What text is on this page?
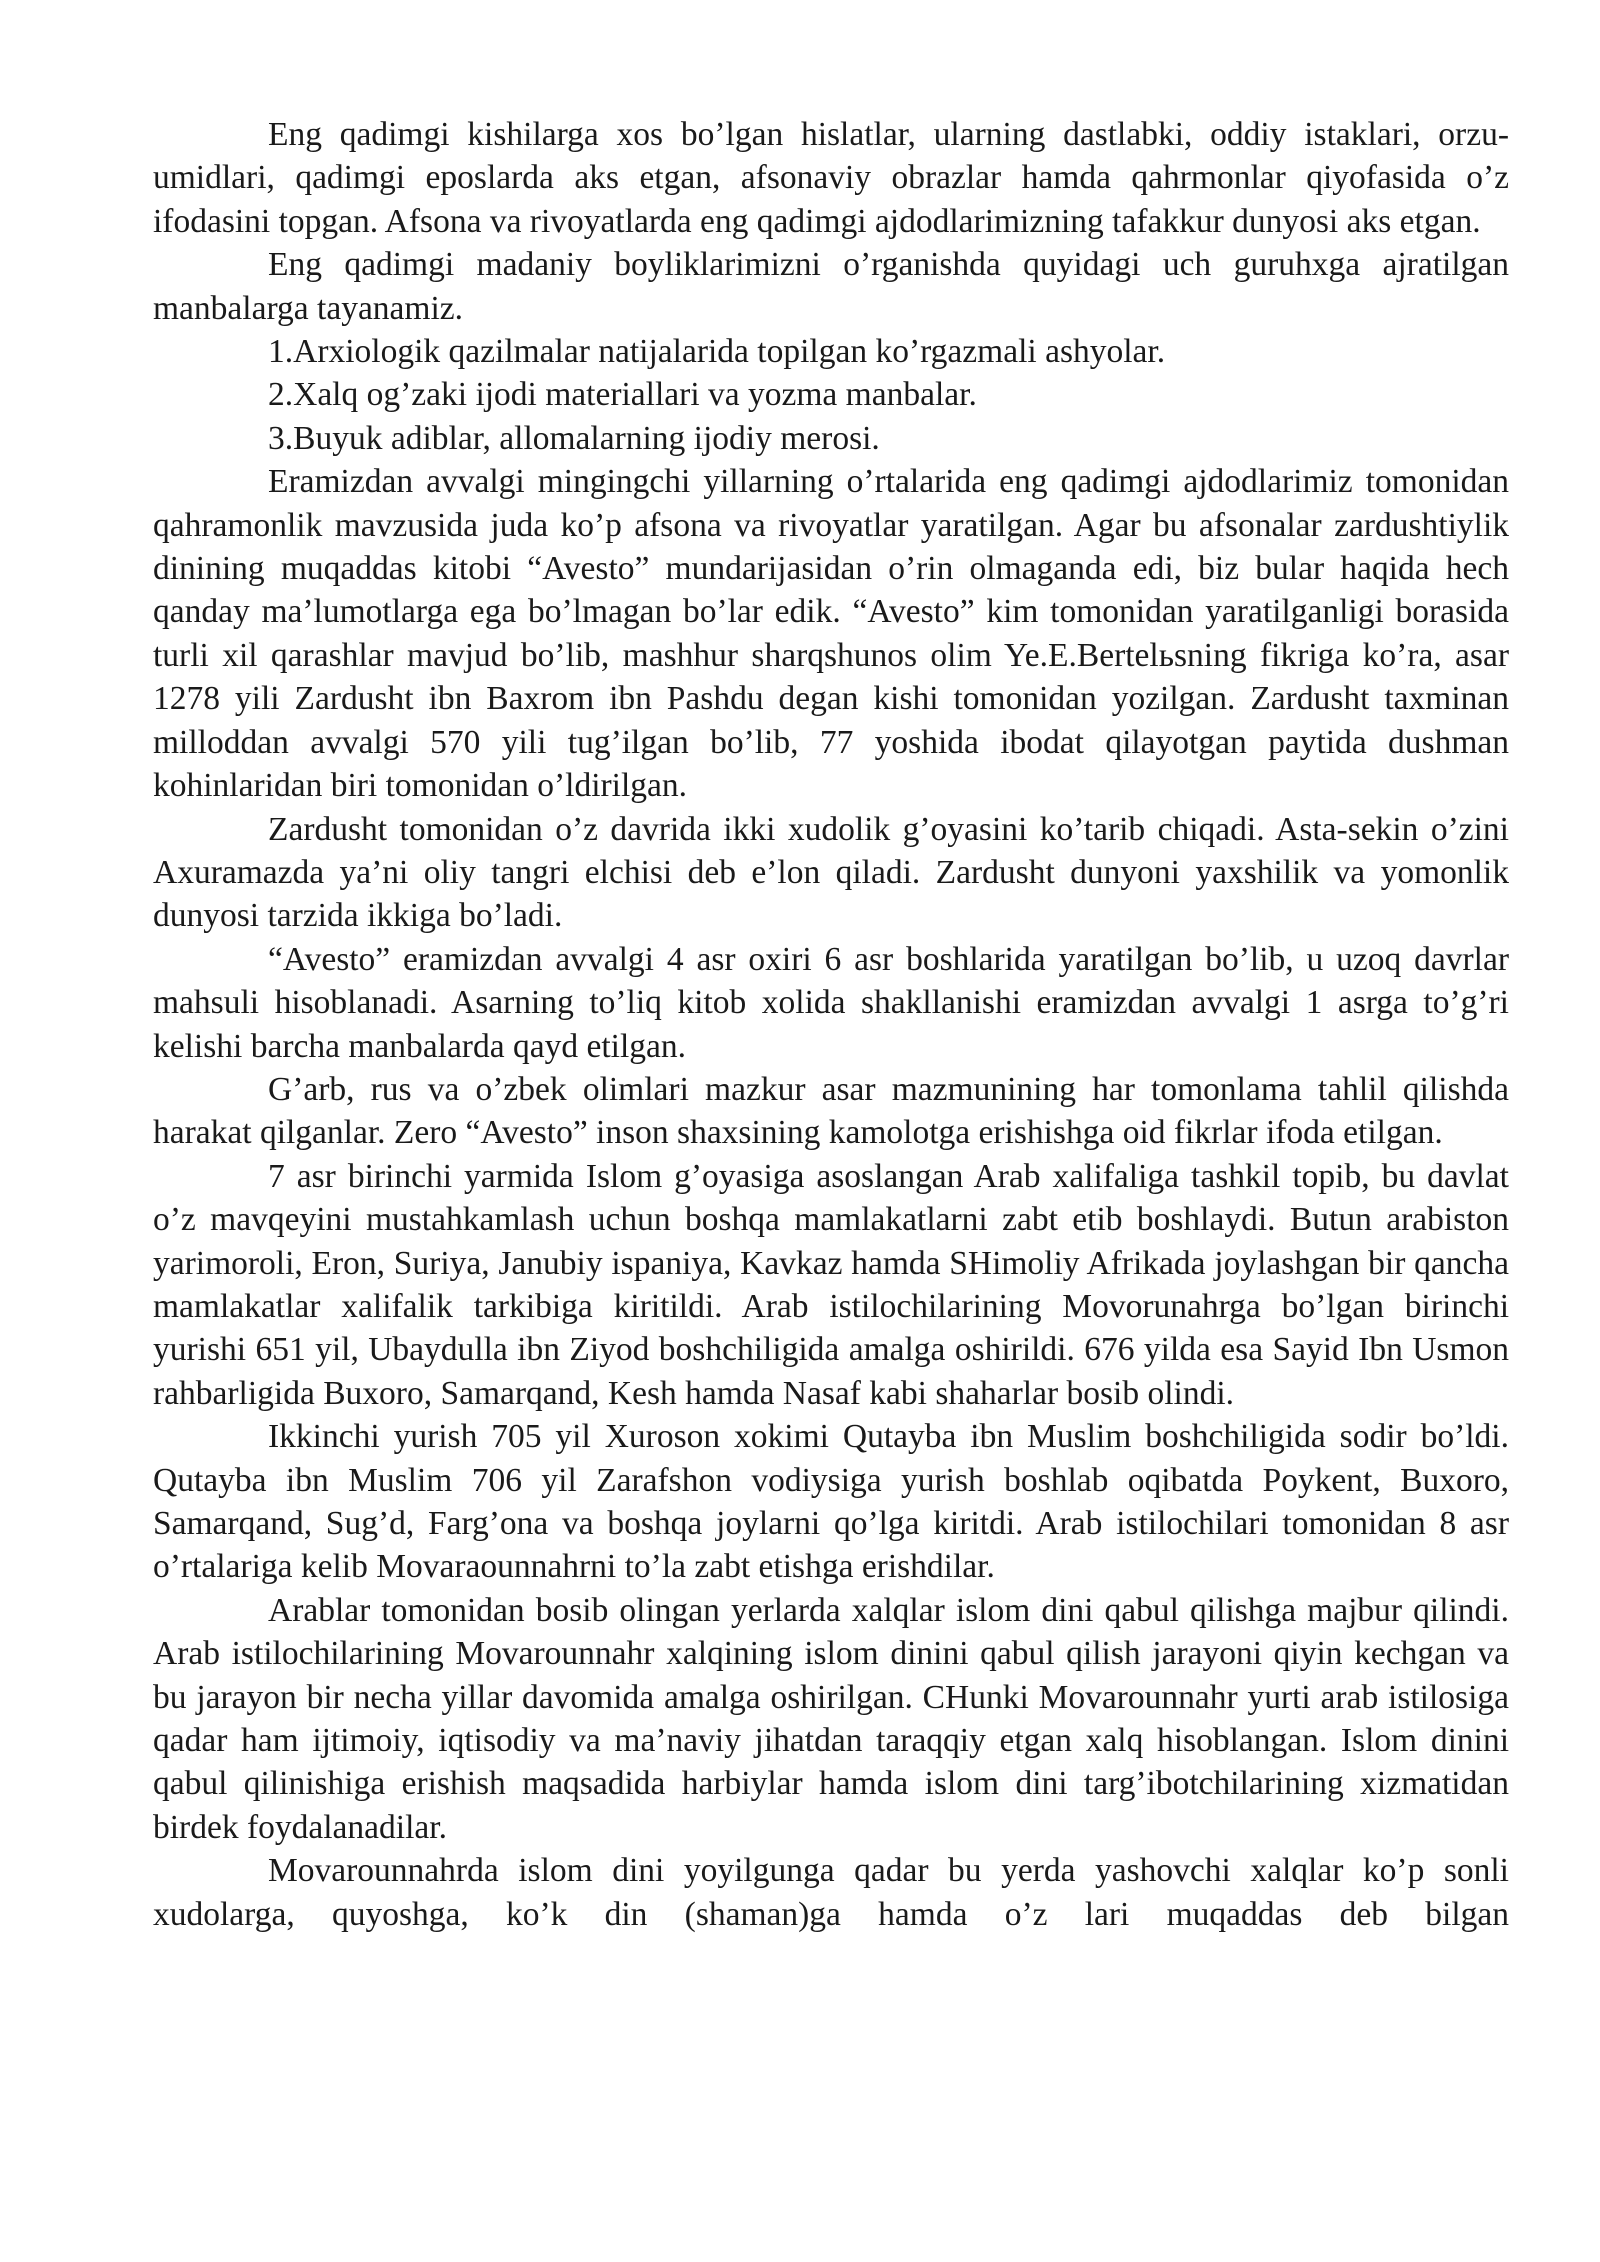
Eng qadimgi kishilarga xos bo’lgan hislatlar, ularning dastlabki, oddiy istaklari, orzu-umidlari, qadimgi eposlarda aks etgan, afsonaviy obrazlar hamda qahrmonlar qiyofasida o’z ifodasini topgan. Afsona va rivoyatlarda eng qadimgi ajdodlarimizning tafakkur dunyosi aks etgan.

Eng qadimgi madaniy boyliklarimizni o’rganishda quyidagi uch guruhxga ajratilgan manbalarga tayanamiz.

1.Arxiologik qazilmalar natijalarida topilgan ko’rgazmali ashyolar.

2.Xalq og’zaki ijodi materiallari va yozma manbalar.

3.Buyuk adiblar, allomalarning ijodiy merosi.

Eramizdan avvalgi mingingchi yillarning o’rtalarida eng qadimgi ajdodlarimiz tomonidan qahramonlik mavzusida juda ko’p afsona va rivoyatlar yaratilgan. Agar bu afsonalar zardushtiylik dinining muqaddas kitobi “Avesto” mundarijasidan o’rin olmaganda edi, biz bular haqida hech qanday ma’lumotlarga ega bo’lmagan bo’lar edik. “Avesto” kim tomonidan yaratilganligi borasida turli xil qarashlar mavjud bo’lib, mashhur sharqshunos olim Ye.E.Bertelьsning fikriga ko’ra, asar 1278 yili Zardusht ibn Baxrom ibn Pashdu degan kishi tomonidan yozilgan. Zardusht taxminan milloddan avvalgi 570 yili tug’ilgan bo’lib, 77 yoshida ibodat qilayotgan paytida dushman kohinlaridan biri tomonidan o’ldirilgan.

Zardusht tomonidan o’z davrida ikki xudolik g’oyasini ko’tarib chiqadi. Asta-sekin o’zini Axuramazda ya’ni oliy tangri elchisi deb e’lon qiladi. Zardusht dunyoni yaxshilik va yomonlik dunyosi tarzida ikkiga bo’ladi.

“Avesto” eramizdan avvalgi 4 asr oxiri 6 asr boshlarida yaratilgan bo’lib, u uzoq davrlar mahsuli hisoblanadi. Asarning to’liq kitob xolida shakllanishi eramizdan avvalgi 1 asrga to’g’ri kelishi barcha manbalarda qayd etilgan.

G’arb, rus va o’zbek olimlari mazkur asar mazmunining har tomonlama tahlil qilishda harakat qilganlar. Zero “Avesto” inson shaxsining kamolotga erishishga oid fikrlar ifoda etilgan.

7 asr birinchi yarmida Islom g’oyasiga asoslangan Arab xalifaliga tashkil topib, bu davlat o’z mavqeyini mustahkamlash uchun boshqa mamlakatlarni zabt etib boshlaydi. Butun arabiston yarimoroli, Eron, Suriya, Janubiy ispaniya, Kavkaz hamda SHimoliy Afrikada joylashgan bir qancha mamlakatlar xalifalik tarkibiga kiritildi. Arab istilochilarining Movorunahrga bo’lgan birinchi yurishi 651 yil, Ubaydulla ibn Ziyod boshchiligida amalga oshirildi. 676 yilda esa Sayid Ibn Usmon rahbarligida Buxoro, Samarqand, Kesh hamda Nasaf kabi shaharlar bosib olindi.

Ikkinchi yurish 705 yil Xuroson xokimi Qutayba ibn Muslim boshchiligida sodir bo’ldi. Qutayba ibn Muslim 706 yil Zarafshon vodiysiga yurish boshlab oqibatda Poykent, Buxoro, Samarqand, Sug’d, Farg’ona va boshqa joylarni qo’lga kiritdi. Arab istilochilari tomonidan 8 asr o’rtalariga kelib Movaraounnahrni to’la zabt etishga erishdilar.

Arablar tomonidan bosib olingan yerlarda xalqlar islom dini qabul qilishga majbur qilindi. Arab istilochilarining Movarounnahr xalqining islom dinini qabul qilish jarayoni qiyin kechgan va bu jarayon bir necha yillar davomida amalga oshirilgan. CHunki Movarounnahr yurti arab istilosiga qadar ham ijtimoiy, iqtisodiy va ma’naviy jihatdan taraqqiy etgan xalq hisoblangan. Islom dinini qabul qilinishiga erishish maqsadida harbiylar hamda islom dini targ’ibotchilarining xizmatidan birdek foydalanadilar.

Movarounnahrda islom dini yoyilgunga qadar bu yerda yashovchi xalqlar ko’p sonli xudolarga, quyoshga, ko’k din (shaman)ga hamda o’z lari muqaddas deb bilgan
